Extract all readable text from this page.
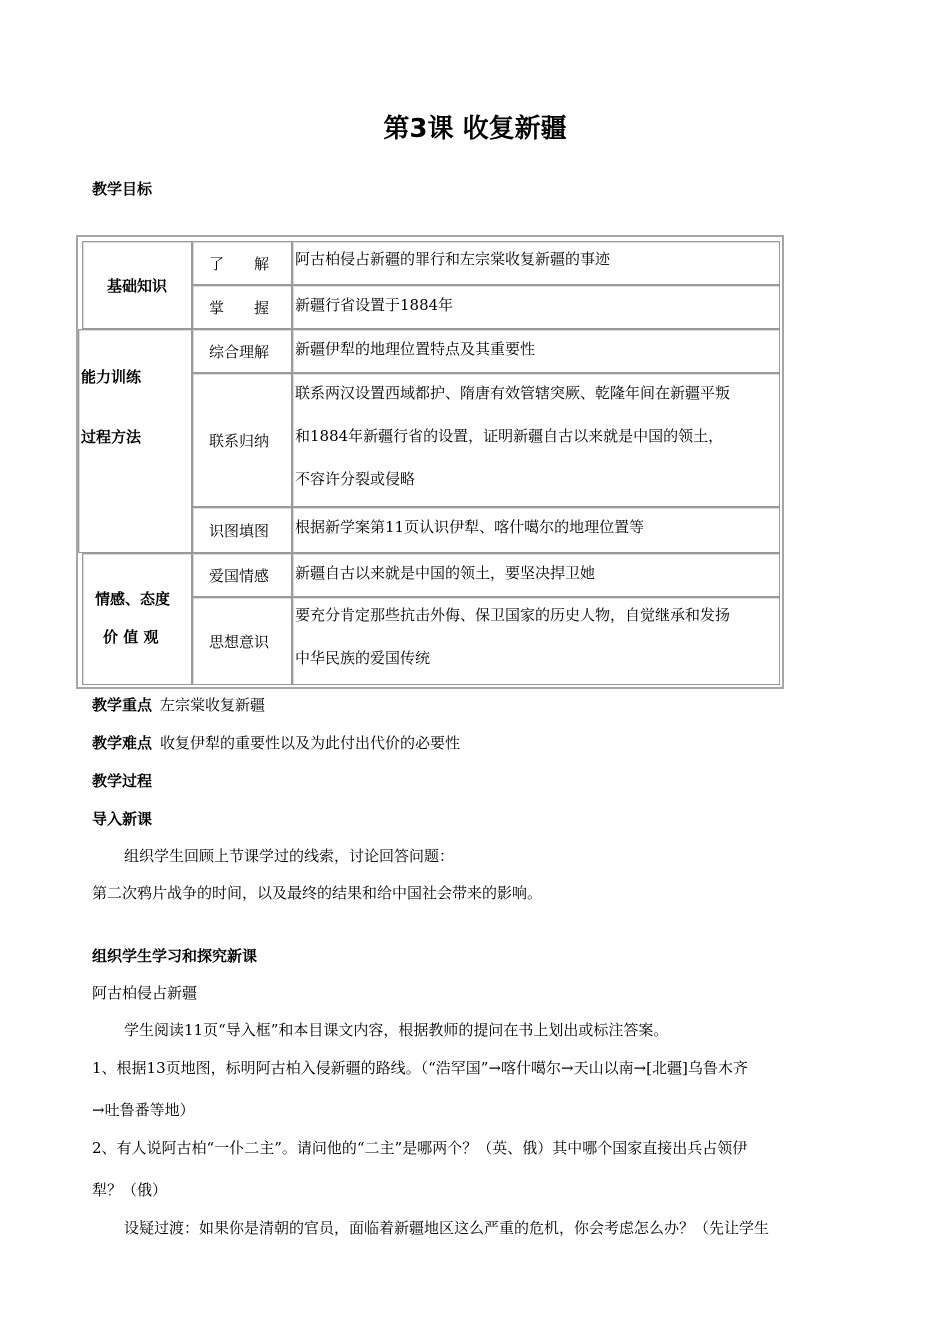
第3课 收复新疆
教学目标
基础知识
能力训练
过程方法
情感、态度
价 值 观
了　　解
掌　　握
综合理解
联系归纳
识图填图
爱国情感
思想意识
阿古柏侵占新疆的罪行和左宗棠收复新疆的事迹
新疆行省设置于1884年
新疆伊犁的地理位置特点及其重要性
联系两汉设置西域都护、隋唐有效管辖突厥、乾隆年间在新疆平叛
和1884年新疆行省的设置，证明新疆自古以来就是中国的领土，
不容许分裂或侵略
根据新学案第11页认识伊犁、喀什噶尔的地理位置等
新疆自古以来就是中国的领土，要坚决捍卫她
要充分肯定那些抗击外侮、保卫国家的历史人物，自觉继承和发扬
中华民族的爱国传统
教学重点 左宗棠收复新疆
教学难点 收复伊犁的重要性以及为此付出代价的必要性
教学过程
导入新课
组织学生回顾上节课学过的线索，讨论回答问题：
第二次鸦片战争的时间，以及最终的结果和给中国社会带来的影响。
组织学生学习和探究新课
阿古柏侵占新疆
学生阅读11页“导入框”和本目课文内容，根据教师的提问在书上划出或标注答案。
1、根据13页地图，标明阿古柏入侵新疆的路线。（“浩罕国”→喀什噶尔→天山以南→[北疆]乌鲁木齐
→吐鲁番等地）
2、有人说阿古柏“一仆二主”。请问他的“二主”是哪两个？（英、俄）其中哪个国家直接出兵占领伊
犁？（俄）
设疑过渡：如果你是清朝的官员，面临着新疆地区这么严重的危机，你会考虑怎么办？（先让学生
